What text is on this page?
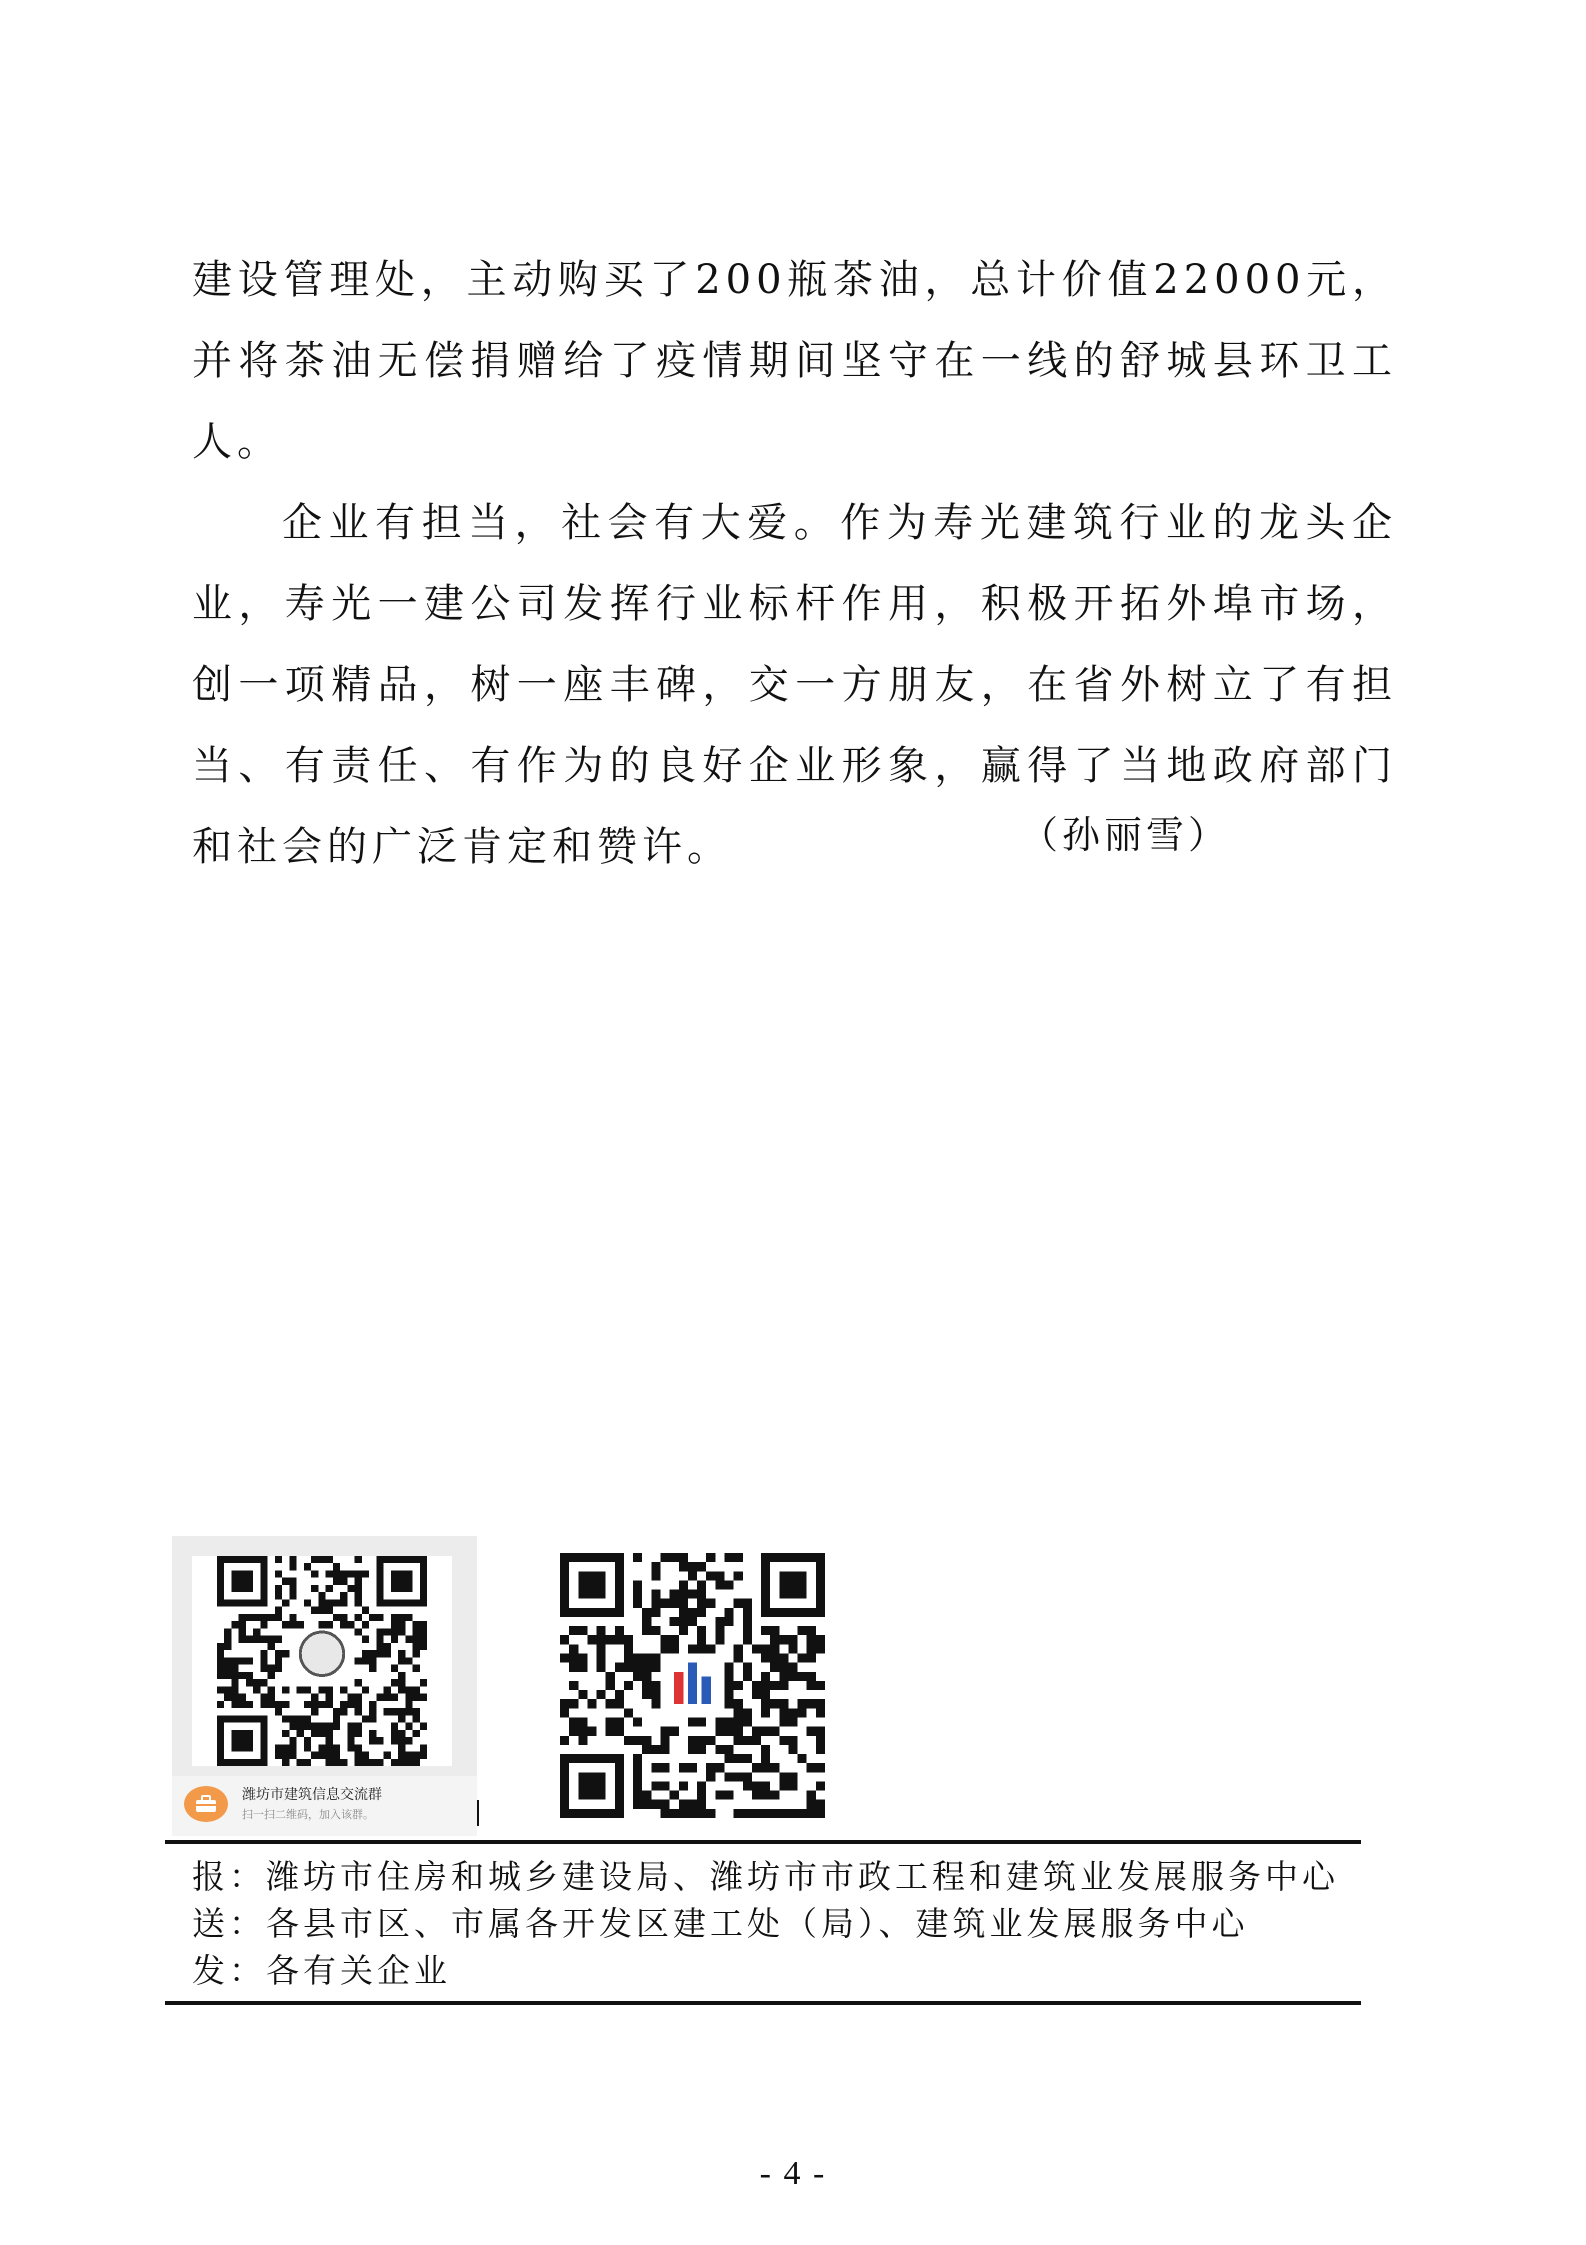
建设管理处，主动购买了200瓶茶油，总计价值22000元，并将茶油无偿捐赠给了疫情期间坚守在一线的舒城县环卫工人。

企业有担当，社会有大爱。作为寿光建筑行业的龙头企业，寿光一建公司发挥行业标杆作用，积极开拓外埠市场，创一项精品，树一座丰碑，交一方朋友，在省外树立了有担当、有责任、有作为的良好企业形象，赢得了当地政府部门和社会的广泛肯定和赞许。	（孙丽雪）
潍坊市建筑信息交流群
扫一扫二维码，加入该群。
报：潍坊市住房和城乡建设局、潍坊市市政工程和建筑业发展服务中心
送：各县市区、市属各开发区建工处（局）、建筑业发展服务中心
发：各有关企业
- 4 -
